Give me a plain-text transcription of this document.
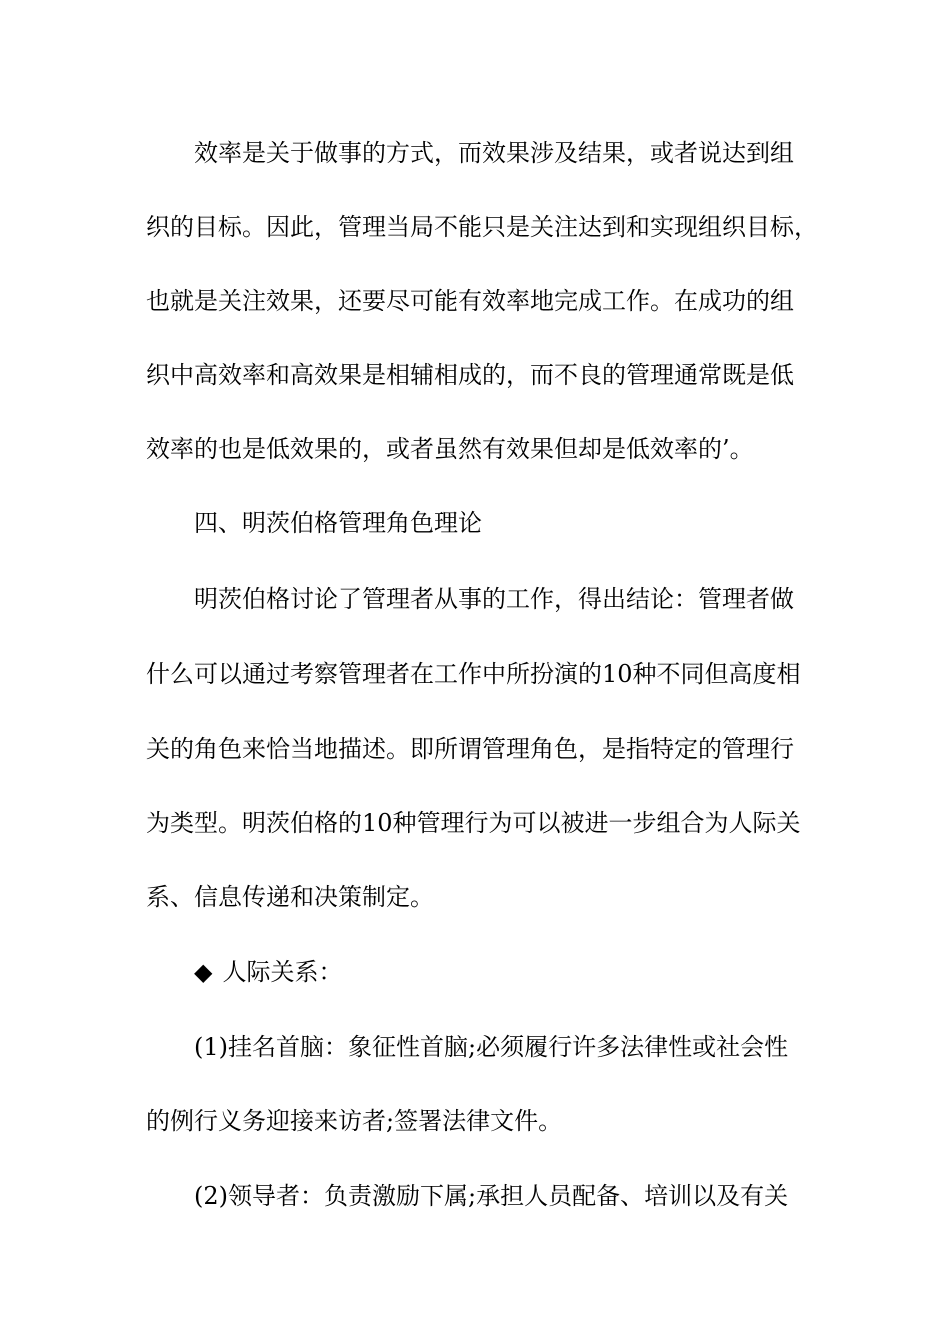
效率是关于做事的方式，而效果涉及结果，或者说达到组
织的目标。因此，管理当局不能只是关注达到和实现组织目标，
也就是关注效果，还要尽可能有效率地完成工作。在成功的组
织中高效率和高效果是相辅相成的，而不良的管理通常既是低
效率的也是低效果的，或者虽然有效果但却是低效率的’。
四、明茨伯格管理角色理论
明茨伯格讨论了管理者从事的工作，得出结论：管理者做
什么可以通过考察管理者在工作中所扮演的10种不同但高度相
关的角色来恰当地描述。即所谓管理角色，是指特定的管理行
为类型。明茨伯格的10种管理行为可以被进一步组合为人际关
系、信息传递和决策制定。
◆ 人际关系：
(1)挂名首脑：象征性首脑;必须履行许多法律性或社会性
的例行义务迎接来访者;签署法律文件。
(2)领导者：负责激励下属;承担人员配备、培训以及有关
